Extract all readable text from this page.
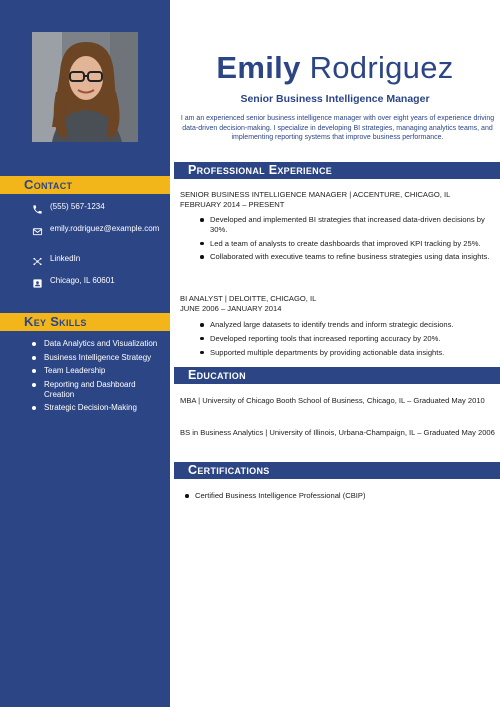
Contact
(555) 567-1234
emily.rodriguez@example.com
LinkedIn
Chicago, IL 60601
Key Skills
Data Analytics and Visualization
Business Intelligence Strategy
Team Leadership
Reporting and Dashboard Creation
Strategic Decision-Making
Emily Rodriguez
Senior Business Intelligence Manager
I am an experienced senior business intelligence manager with over eight years of experience driving data-driven decision-making. I specialize in developing BI strategies, managing analytics teams, and implementing reporting systems that improve business performance.
Professional Experience
SENIOR BUSINESS INTELLIGENCE MANAGER | ACCENTURE, CHICAGO, IL
FEBRUARY 2014 – PRESENT
Developed and implemented BI strategies that increased data-driven decisions by 30%.
Led a team of analysts to create dashboards that improved KPI tracking by 25%.
Collaborated with executive teams to refine business strategies using data insights.
BI ANALYST | DELOITTE, CHICAGO, IL
JUNE 2006 – JANUARY 2014
Analyzed large datasets to identify trends and inform strategic decisions.
Developed reporting tools that increased reporting accuracy by 20%.
Supported multiple departments by providing actionable data insights.
Education
MBA | University of Chicago Booth School of Business, Chicago, IL – Graduated May 2010
BS in Business Analytics | University of Illinois, Urbana-Champaign, IL – Graduated May 2006
Certifications
Certified Business Intelligence Professional (CBIP)
